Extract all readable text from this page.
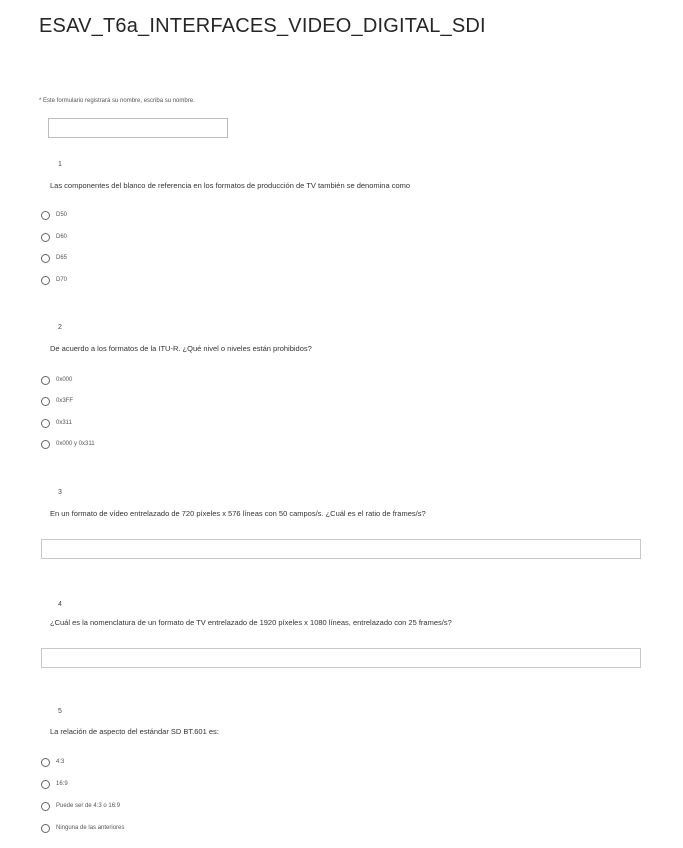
ESAV_T6a_INTERFACES_VIDEO_DIGITAL_SDI
* Este formulario registrará su nombre, escriba su nombre.
1
Las componentes del blanco de referencia en los formatos de producción de TV también se denomina como
D50
D60
D65
D70
2
De acuerdo a los formatos de la ITU-R. ¿Qué nivel o niveles están prohibidos?
0x000
0x3FF
0x311
0x000 y 0x311
3
En un formato de vídeo entrelazado de 720 píxeles x 576 líneas con 50 campos/s. ¿Cuál es el ratio de frames/s?
4
¿Cuál es la nomenclatura de un formato de TV entrelazado de 1920 píxeles x 1080 líneas, entrelazado con 25 frames/s?
5
La relación de aspecto del estándar SD BT.601 es:
4:3
16:9
Puede ser de 4:3 o 16:9
Ninguna de las anteriores
